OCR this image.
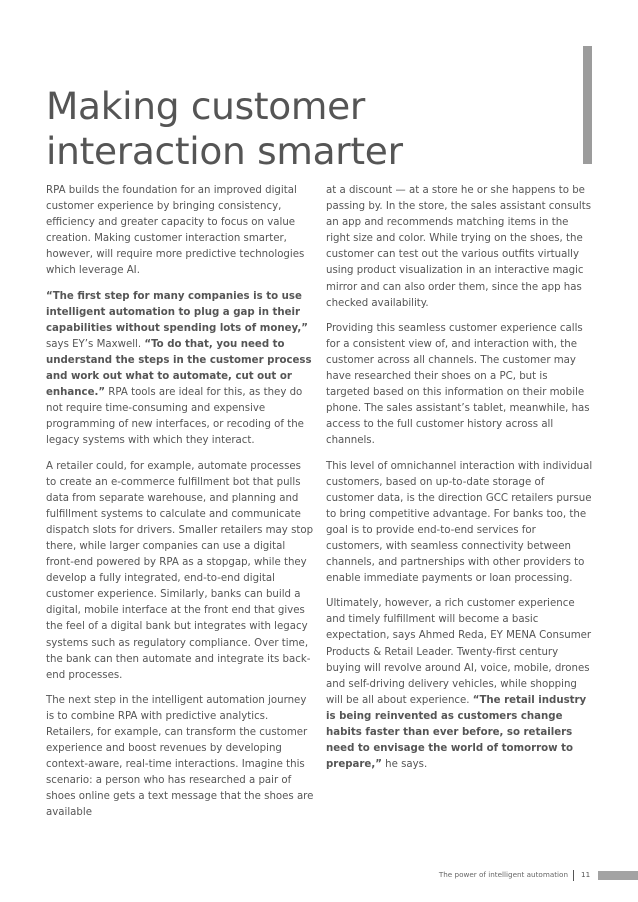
Making customer interaction smarter

RPA builds the foundation for an improved digital customer experience by bringing consistency, efficiency and greater capacity to focus on value creation. Making customer interaction smarter, however, will require more predictive technologies which leverage AI.

“The first step for many companies is to use intelligent automation to plug a gap in their capabilities without spending lots of money,” says EY’s Maxwell. “To do that, you need to understand the steps in the customer process and work out what to automate, cut out or enhance.” RPA tools are ideal for this, as they do not require time-consuming and expensive programming of new interfaces, or recoding of the legacy systems with which they interact.

A retailer could, for example, automate processes to create an e-commerce fulfillment bot that pulls data from separate warehouse, and planning and fulfillment systems to calculate and communicate dispatch slots for drivers. Smaller retailers may stop there, while larger companies can use a digital front-end powered by RPA as a stopgap, while they develop a fully integrated, end-to-end digital customer experience. Similarly, banks can build a digital, mobile interface at the front end that gives the feel of a digital bank but integrates with legacy systems such as regulatory compliance. Over time, the bank can then automate and integrate its back-end processes.

The next step in the intelligent automation journey is to combine RPA with predictive analytics. Retailers, for example, can transform the customer experience and boost revenues by developing context-aware, real-time interactions. Imagine this scenario: a person who has researched a pair of shoes online gets a text message that the shoes are available

at a discount — at a store he or she happens to be passing by. In the store, the sales assistant consults an app and recommends matching items in the right size and color. While trying on the shoes, the customer can test out the various outfits virtually using product visualization in an interactive magic mirror and can also order them, since the app has checked availability.

Providing this seamless customer experience calls for a consistent view of, and interaction with, the customer across all channels. The customer may have researched their shoes on a PC, but is targeted based on this information on their mobile phone. The sales assistant’s tablet, meanwhile, has access to the full customer history across all channels.

This level of omnichannel interaction with individual customers, based on up-to-date storage of customer data, is the direction GCC retailers pursue to bring competitive advantage. For banks too, the goal is to provide end-to-end services for customers, with seamless connectivity between channels, and partnerships with other providers to enable immediate payments or loan processing.

Ultimately, however, a rich customer experience and timely fulfillment will become a basic expectation, says Ahmed Reda, EY MENA Consumer Products & Retail Leader. Twenty-first century buying will revolve around AI, voice, mobile, drones and self-driving delivery vehicles, while shopping will be all about experience. “The retail industry is being reinvented as customers change habits faster than ever before, so retailers need to envisage the world of tomorrow to prepare,” he says.

The power of intelligent automation 11
